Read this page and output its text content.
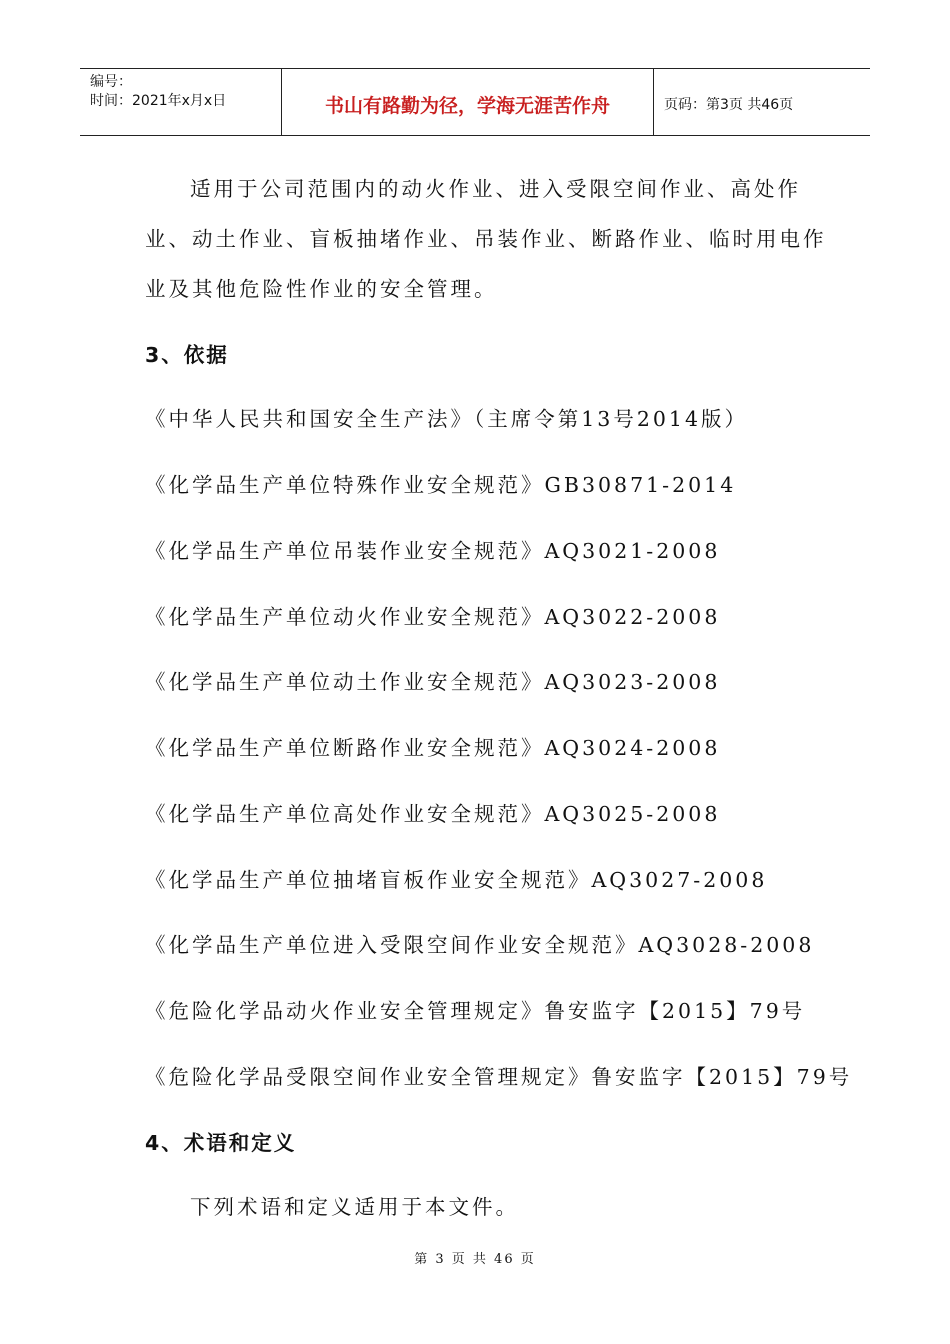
编号：
时间：2021年x月x日	书山有路勤为径，学海无涯苦作舟	页码：第3页 共46页
适用于公司范围内的动火作业、进入受限空间作业、高处作
业、动土作业、盲板抽堵作业、吊装作业、断路作业、临时用电作
业及其他危险性作业的安全管理。
3、依据
《中华人民共和国安全生产法》（主席令第13号2014版）
《化学品生产单位特殊作业安全规范》GB30871-2014
《化学品生产单位吊装作业安全规范》AQ3021-2008
《化学品生产单位动火作业安全规范》AQ3022-2008
《化学品生产单位动土作业安全规范》AQ3023-2008
《化学品生产单位断路作业安全规范》AQ3024-2008
《化学品生产单位高处作业安全规范》AQ3025-2008
《化学品生产单位抽堵盲板作业安全规范》AQ3027-2008
《化学品生产单位进入受限空间作业安全规范》AQ3028-2008
《危险化学品动火作业安全管理规定》鲁安监字【2015】79号
《危险化学品受限空间作业安全管理规定》鲁安监字【2015】79号
4、术语和定义
下列术语和定义适用于本文件。
第 3 页 共 46 页
